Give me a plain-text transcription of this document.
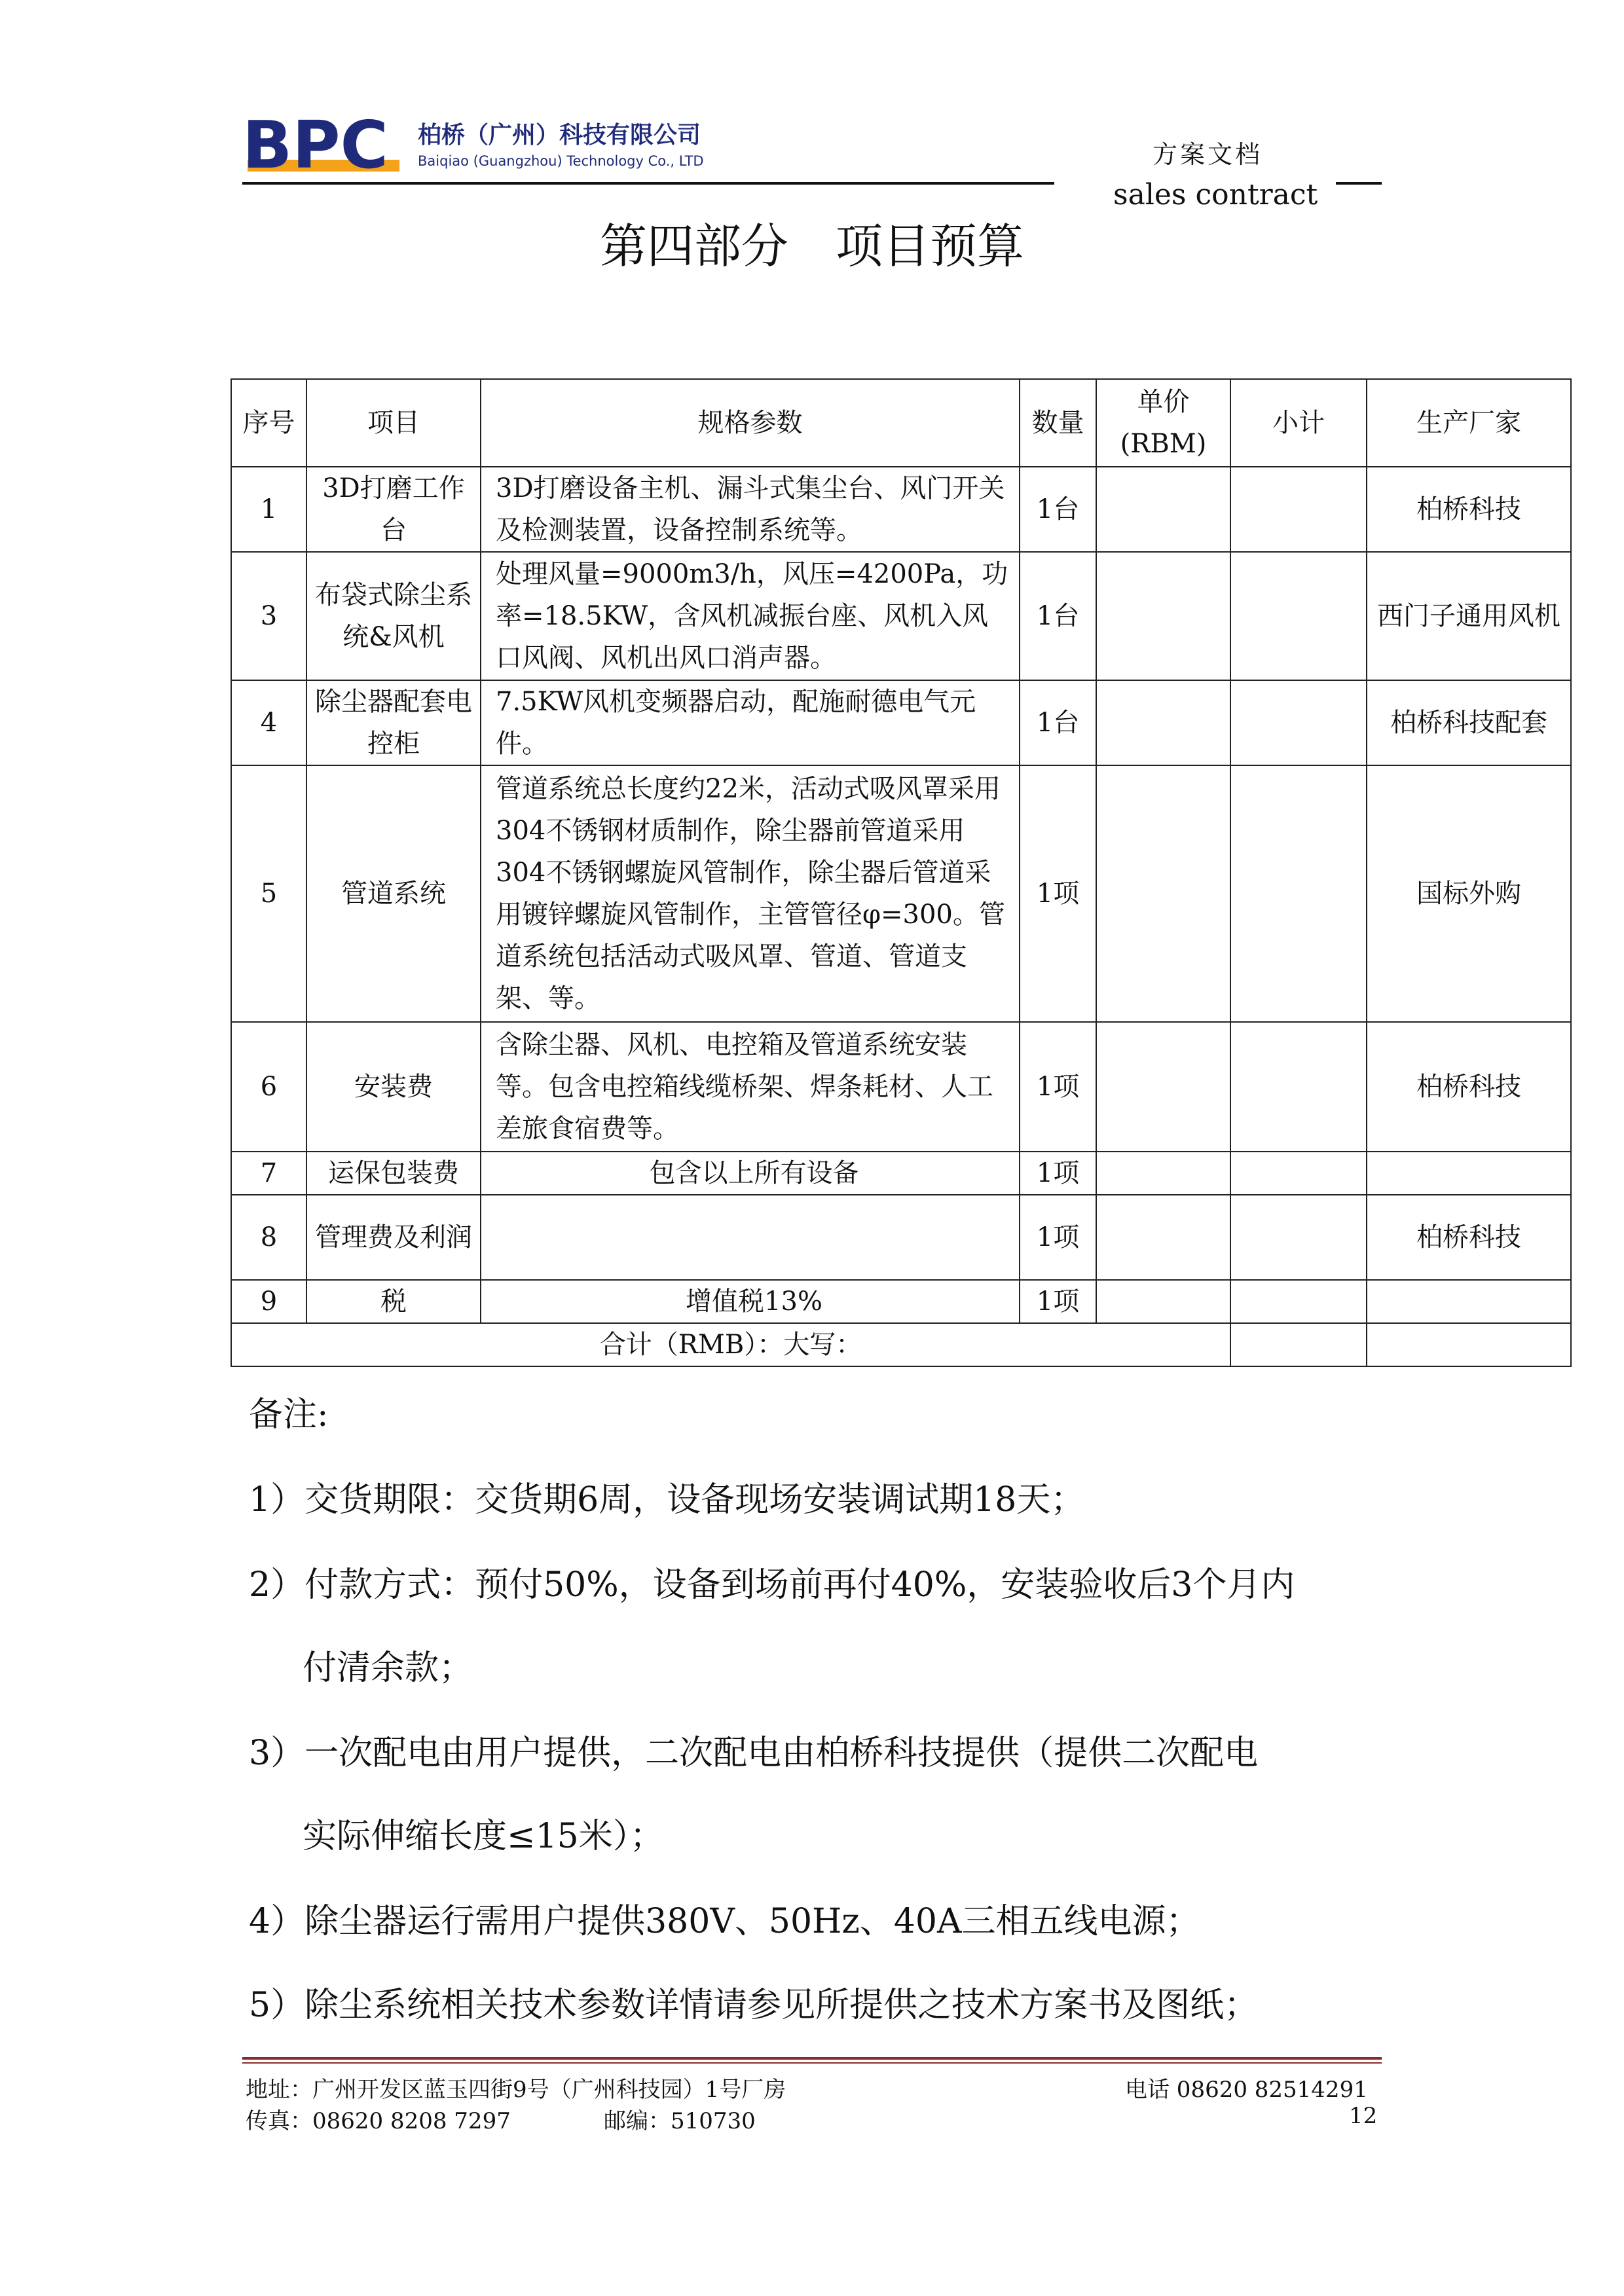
BPC 柏桥（广州）科技有限公司
Baiqiao (Guangzhou) Technology Co., LTD	方案文档
sales contract
第四部分　项目预算
序号	项目	规格参数	数量	单价(RBM)	小计	生产厂家
1	3D打磨工作台	3D打磨设备主机、漏斗式集尘台、风门开关及检测装置，设备控制系统等。	1台			柏桥科技
3	布袋式除尘系统&风机	处理风量=9000m3/h，风压=4200Pa，功率=18.5KW，含风机减振台座、风机入风口风阀、风机出风口消声器。	1台			西门子通用风机
4	除尘器配套电控柜	7.5KW风机变频器启动，配施耐德电气元件。	1台			柏桥科技配套
5	管道系统	管道系统总长度约22米，活动式吸风罩采用304不锈钢材质制作，除尘器前管道采用304不锈钢螺旋风管制作，除尘器后管道采用镀锌螺旋风管制作，主管管径φ=300。管道系统包括活动式吸风罩、管道、管道支架、等。	1项			国标外购
6	安装费	含除尘器、风机、电控箱及管道系统安装等。包含电控箱线缆桥架、焊条耗材、人工差旅食宿费等。	1项			柏桥科技
7	运保包装费	包含以上所有设备	1项			
8	管理费及利润		1项			柏桥科技
9	税	增值税13%	1项			
合计（RMB）：大写：						
备注:
1）交货期限：交货期6周，设备现场安装调试期18天；
2）付款方式：预付50%，设备到场前再付40%，安装验收后3个月内
付清余款；
3）一次配电由用户提供，二次配电由柏桥科技提供（提供二次配电
实际伸缩长度≤15米）；
4）除尘器运行需用户提供380V、50Hz、40A三相五线电源；
5）除尘系统相关技术参数详情请参见所提供之技术方案书及图纸；
地址：广州开发区蓝玉四街9号（广州科技园）1号厂房	电话 08620 82514291
传真：08620 8208 7297	邮编：510730	12
